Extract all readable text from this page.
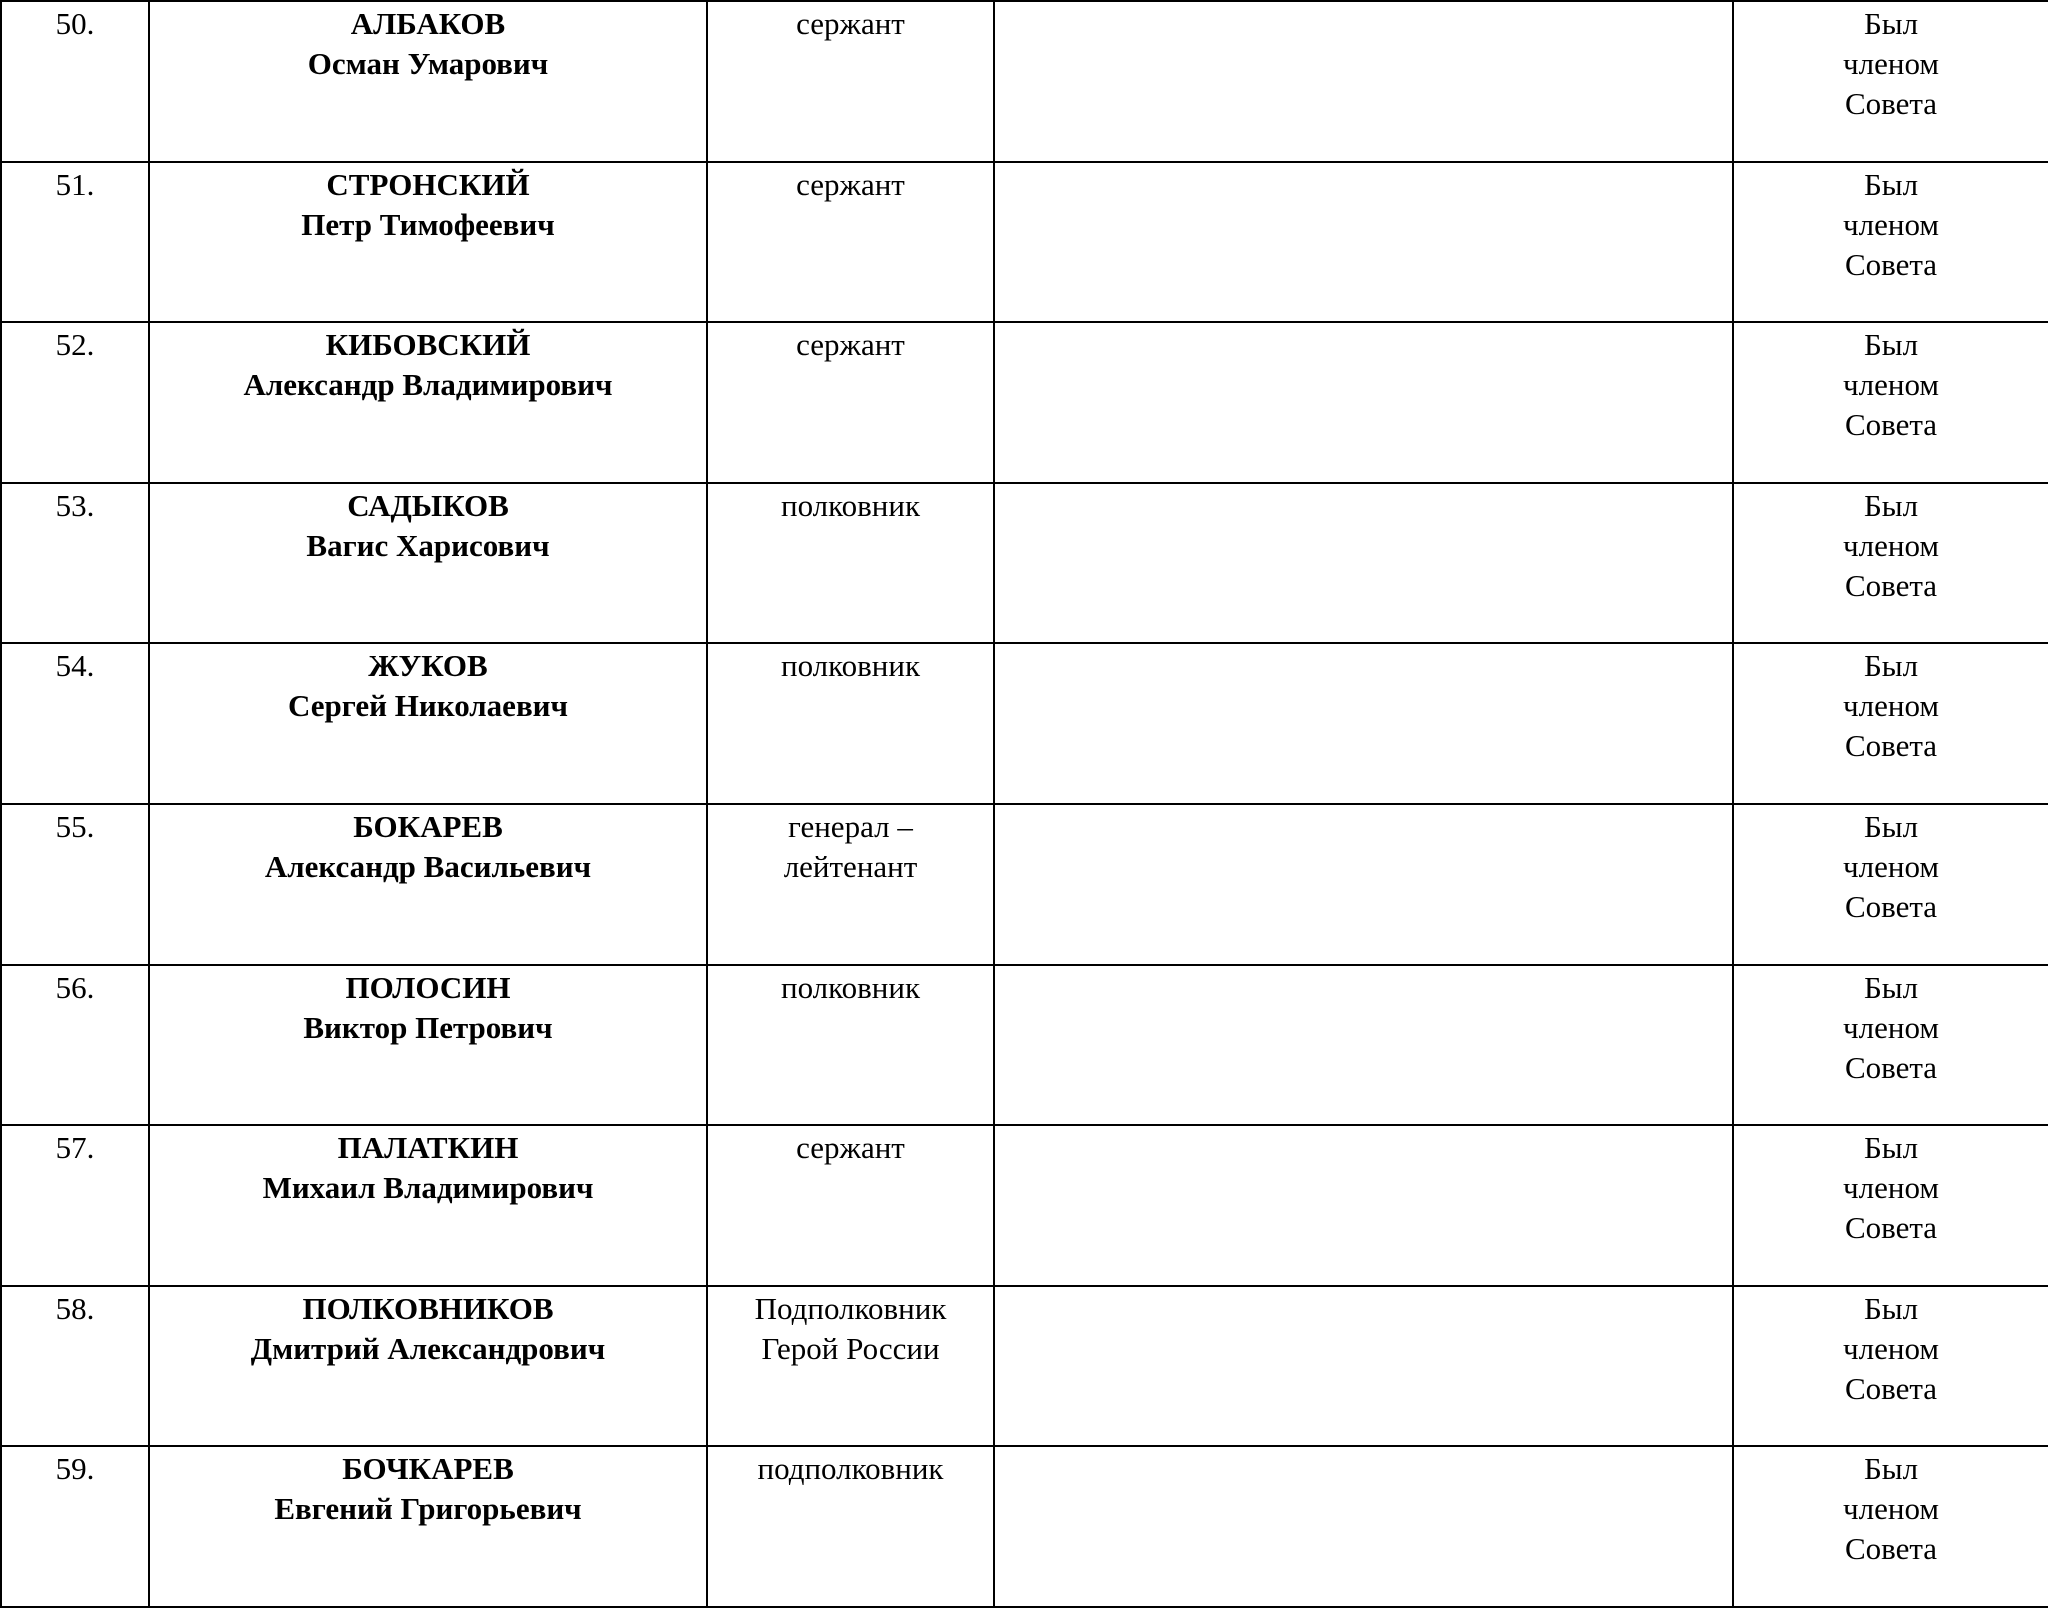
50.	АЛБАКОВ
Осман Умарович	сержант		Был
членом
Совета

51.	СТРОНСКИЙ
Петр Тимофеевич	сержант		Был
членом
Совета

52.	КИБОВСКИЙ
Александр Владимирович	сержант		Был
членом
Совета

53.	САДЫКОВ
Вагис Харисович	полковник		Был
членом
Совета

54.	ЖУКОВ
Сергей Николаевич	полковник		Был
членом
Совета

55.	БОКАРЕВ
Александр Васильевич	генерал –
лейтенант		Был
членом
Совета

56.	ПОЛОСИН
Виктор Петрович	полковник		Был
членом
Совета

57.	ПАЛАТКИН
Михаил Владимирович	сержант		Был
членом
Совета

58.	ПОЛКОВНИКОВ
Дмитрий Александрович	Подполковник
Герой России		Был
членом
Совета

59.	БОЧКАРЕВ
Евгений Григорьевич	подполковник		Был
членом
Совета
